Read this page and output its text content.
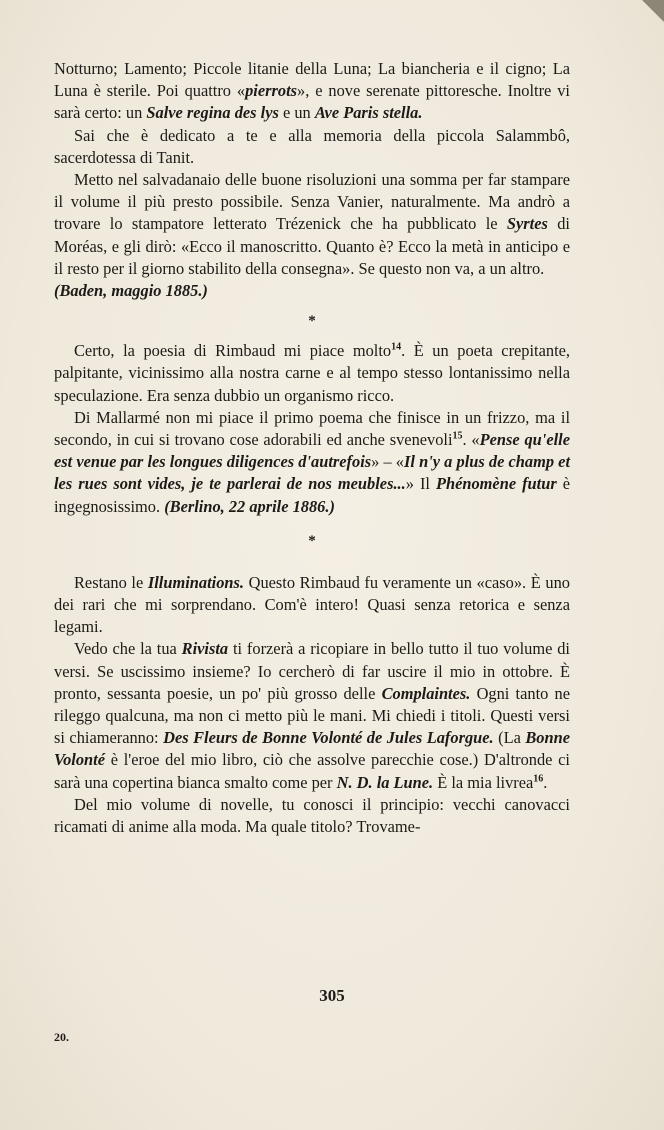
Notturno; Lamento; Piccole litanie della Luna; La biancheria e il cigno; La Luna è sterile. Poi quattro «pierrots», e nove serenate pittoresche. Inoltre vi sarà certo: un Salve regina des lys e un Ave Paris stella.

Sai che è dedicato a te e alla memoria della piccola Salammbô, sacerdotessa di Tanit.

Metto nel salvadanaio delle buone risoluzioni una somma per far stampare il volume il più presto possibile. Senza Vanier, naturalmente. Ma andrò a trovare lo stampatore letterato Trézenick che ha pubblicato le Syrtes di Moréas, e gli dirò: «Ecco il manoscritto. Quanto è? Ecco la metà in anticipo e il resto per il giorno stabilito della consegna». Se questo non va, a un altro.
(Baden, maggio 1885.)

*

Certo, la poesia di Rimbaud mi piace molto$^{14}$. È un poeta crepitante, palpitante, vicinissimo alla nostra carne e al tempo stesso lontanissimo nella speculazione. Era senza dubbio un organismo ricco.

Di Mallarmé non mi piace il primo poema che finisce in un frizzo, ma il secondo, in cui si trovano cose adorabili ed anche svenevoli$^{15}$. «Pense qu'elle est venue par les longues diligences d'autrefois» – «Il n'y a plus de champ et les rues sont vides, je te parlerai de nos meubles...» Il Phénomène futur è ingegnosissimo. (Berlino, 22 aprile 1886.)

*

Restano le Illuminations. Questo Rimbaud fu veramente un «caso». È uno dei rari che mi sorprendano. Com'è intero! Quasi senza retorica e senza legami.

Vedo che la tua Rivista ti forzerà a ricopiare in bello tutto il tuo volume di versi. Se uscissimo insieme? Io cercherò di far uscire il mio in ottobre. È pronto, sessanta poesie, un po' più grosso delle Complaintes. Ogni tanto ne rileggo qualcuna, ma non ci metto più le mani. Mi chiedi i titoli. Questi versi si chiameranno: Des Fleurs de Bonne Volonté de Jules Laforgue. (La Bonne Volonté è l'eroe del mio libro, ciò che assolve parecchie cose.) D'altronde ci sarà una copertina bianca smalto come per N. D. la Lune. È la mia livrea$^{16}$.

Del mio volume di novelle, tu conosci il principio: vecchi canovacci ricamati di anime alla moda. Ma quale titolo? Trovame-

305
20.
